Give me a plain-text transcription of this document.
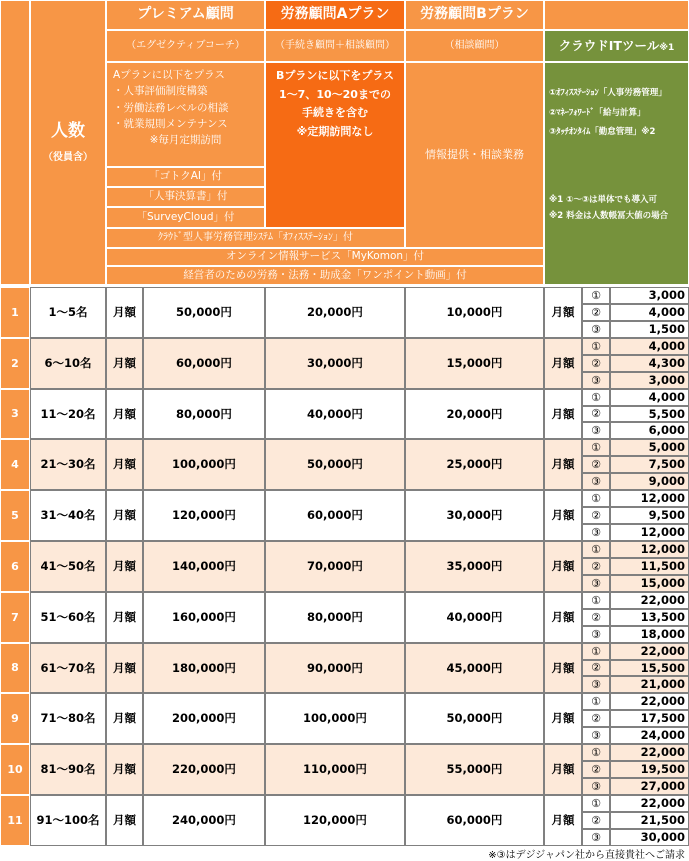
人数
（役員含）
プレミアム顧問
（エグゼクティブコーチ）
労務顧問Aプラン
（手続き顧問＋相談顧問）
労務顧問Bプラン
（相談顧問）	クラウドITツール※1
Aプランに以下をプラス
・人事評価制度構築
・労働法務レベルの相談
・就業規則メンテナンス
※毎月定期訪問
「ゴトクAI」付
「人事決算書」付
「SurveyCloud」付
Bプランに以下をプラス
1～7、10～20までの
手続きを含む
※定期訪問なし
情報提供・相談業務
ｸﾗｳﾄﾞ型人事労務管理ｼｽﾃﾑ「ｵﾌｨｽｽﾃｰｼｮﾝ」付
オンライン情報サービス「MyKomon」付
経営者のための労務・法務・助成金「ワンポイント動画」付
①ｵﾌｨｽｽﾃｰｼｮﾝ「人事労務管理」
②ﾏﾈｰﾌｫﾜｰﾄﾞ「給与計算」
③ﾀｯﾁｵﾝﾀｲﾑ「勤怠管理」※2
※1 ①～③は単体でも導入可
※2 料金は人数帳冨大値の場合
1	1～5名	月額	50,000円	20,000円	10,000円	月額
①	3,000
②	4,000
③	1,500
2	6～10名	月額	60,000円	30,000円	15,000円	月額
①	4,000
②	4,300
③	3,000
3	11～20名	月額	80,000円	40,000円	20,000円	月額
①	4,000
②	5,500
③	6,000
4	21～30名	月額	100,000円	50,000円	25,000円	月額
①	5,000
②	7,500
③	9,000
5	31～40名	月額	120,000円	60,000円	30,000円	月額
①	12,000
②	9,500
③	12,000
6	41～50名	月額	140,000円	70,000円	35,000円	月額
①	12,000
②	11,500
③	15,000
7	51～60名	月額	160,000円	80,000円	40,000円	月額
①	22,000
②	13,500
③	18,000
8	61～70名	月額	180,000円	90,000円	45,000円	月額
①	22,000
②	15,500
③	21,000
9	71～80名	月額	200,000円	100,000円	50,000円	月額
①	22,000
②	17,500
③	24,000
10	81～90名	月額	220,000円	110,000円	55,000円	月額
①	22,000
②	19,500
③	27,000
11	91～100名	月額	240,000円	120,000円	60,000円	月額
①	22,000
②	21,500
③	30,000
※③はデジジャパン社から直接貴社へご請求
